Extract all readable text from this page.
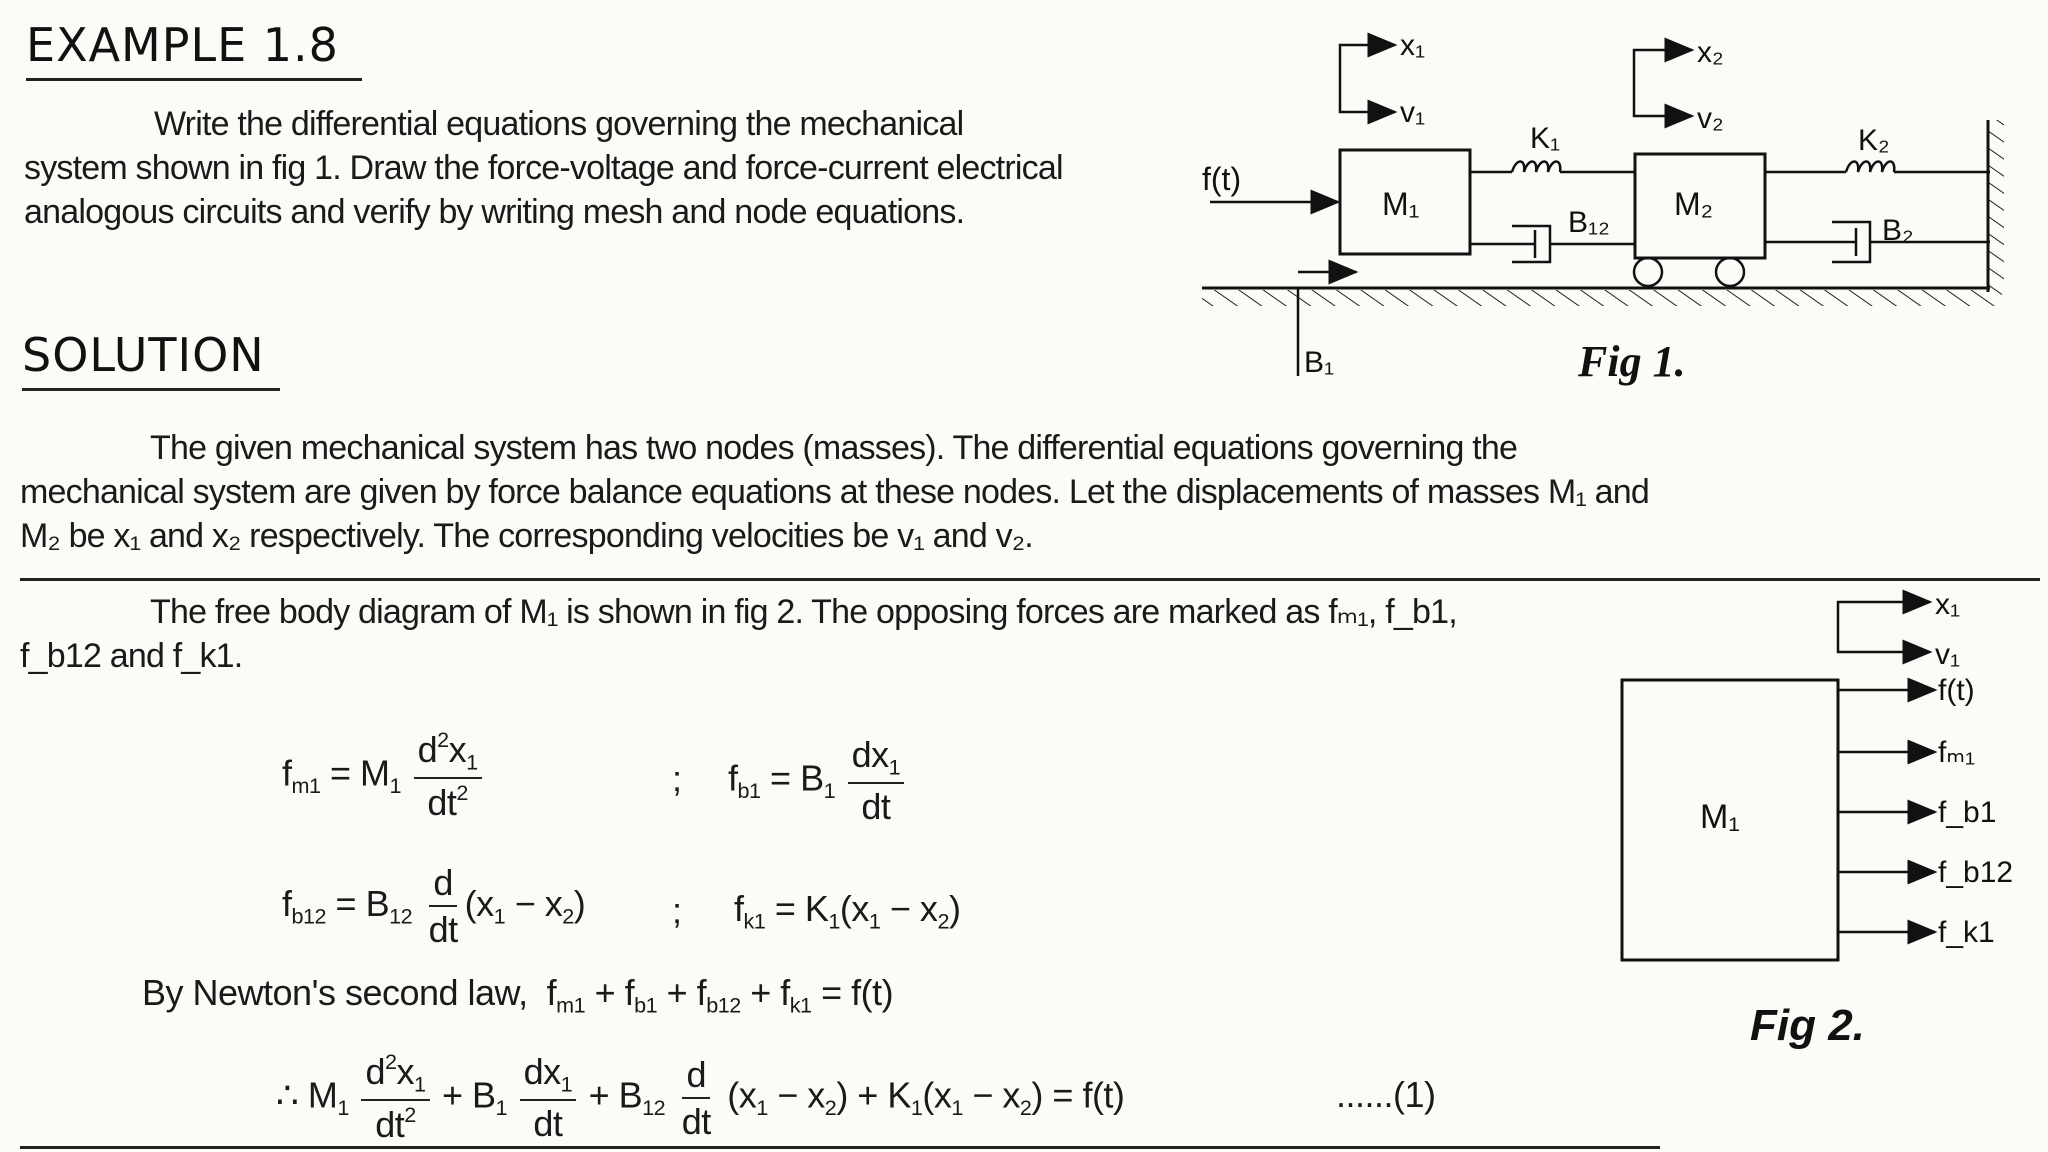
EXAMPLE 1.8
Write the differential equations governing the mechanical system shown in fig 1. Draw the force-voltage and force-current electrical analogous circuits and verify by writing mesh and node equations.
SOLUTION
The given mechanical system has two nodes (masses). The differential equations governing the mechanical system are given by force balance equations at these nodes. Let the displacements of masses M₁ and M₂ be x₁ and x₂ respectively. The corresponding velocities be v₁ and v₂.
The free body diagram of M₁ is shown in fig 2. The opposing forces are marked as fₘ₁, f_b1, f_b12 and f_k1.
$f_{m1} = M_1 \frac{d^2x_1}{dt^2}$	; $f_{b1} = B_1 \frac{dx_1}{dt}$
$f_{b12} = B_{12} \frac{d}{dt} (x_1 - x_2)$ ; $f_{k1} = K_1(x_1 - x_2)$
By Newton's second law,  $f_{m1} + f_{b1} + f_{b12} + f_{k1} = f(t)$
∴ $M_1 \frac{d^2x_1}{dt^2} + B_1 \frac{dx_1}{dt} + B_{12} \frac{d}{dt} (x_1 - x_2) + K_1(x_1 - x_2) = f(t)$	......(1)
x₁
v₁
x₂
v₂
f(t)
M₁	M₂
K₁
B₁₂
K₂
B₂
B₁	Fig 1.
x₁
v₁
M₁
f(t)
fₘ₁
f_b1
f_b12
f_k1
Fig 2.
